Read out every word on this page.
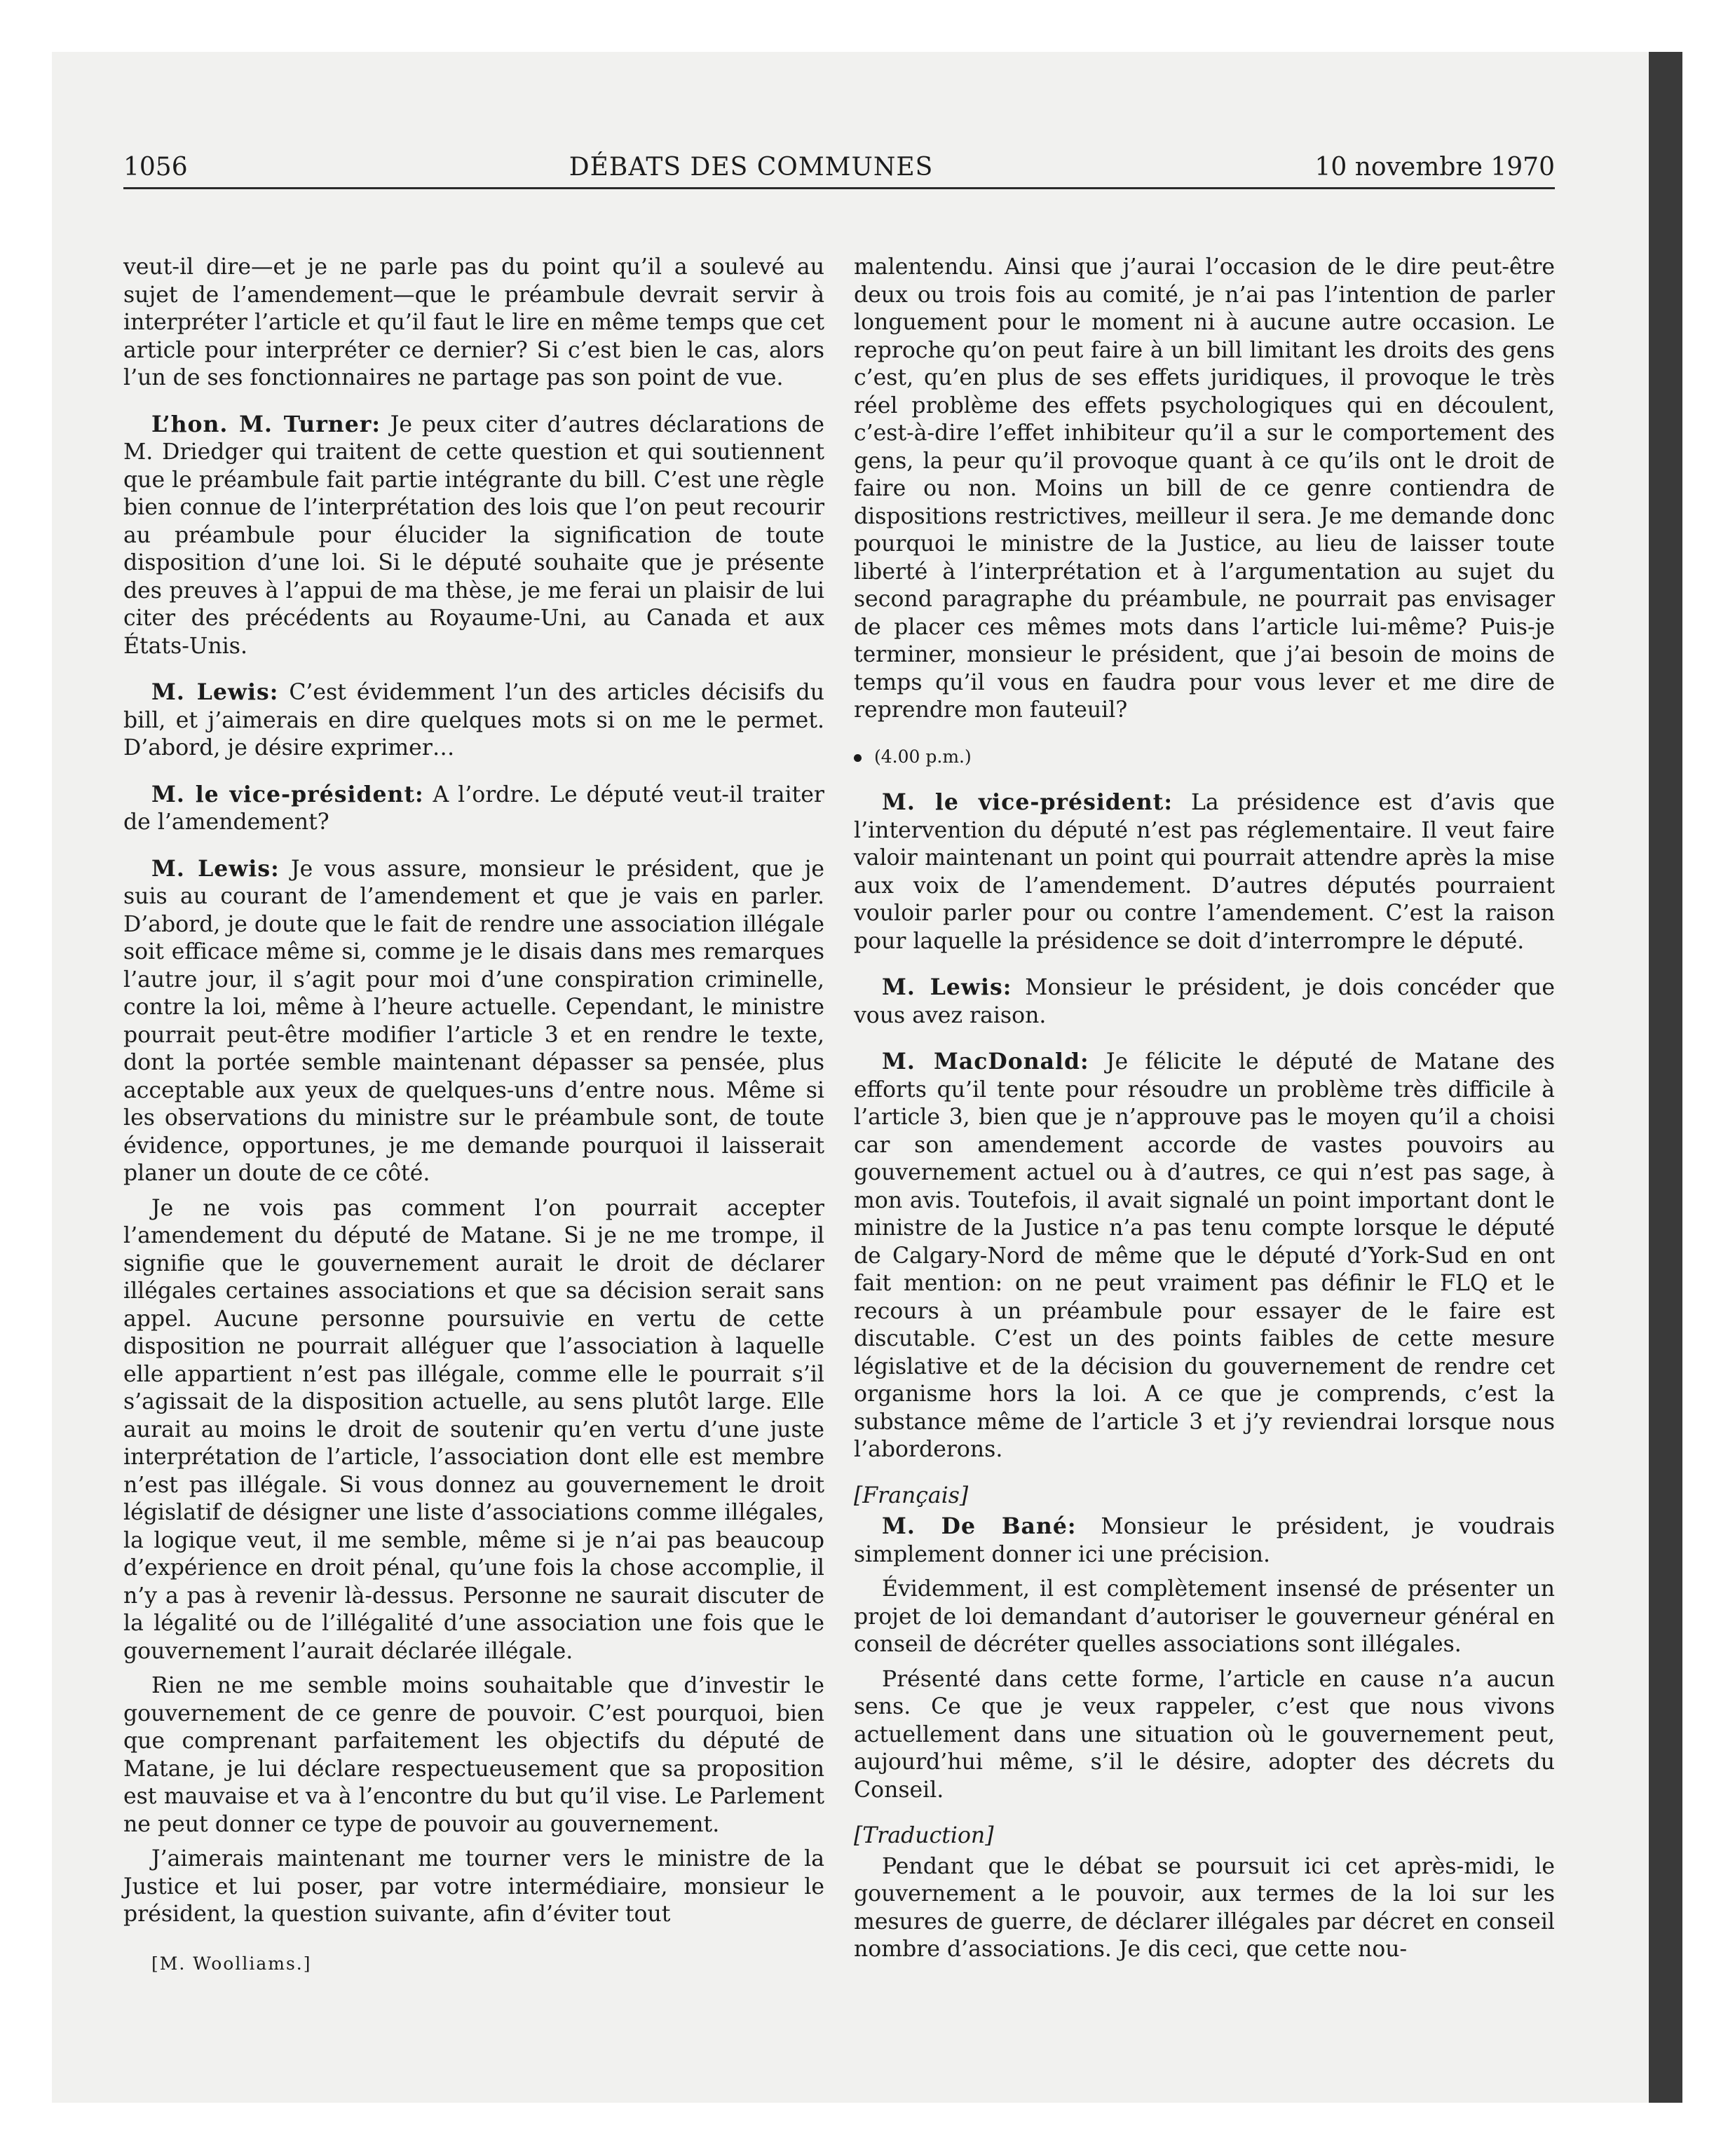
1056	DÉBATS DES COMMUNES	10 novembre 1970

veut-il dire—et je ne parle pas du point qu’il a soulevé au sujet de l’amendement—que le préambule devrait servir à interpréter l’article et qu’il faut le lire en même temps que cet article pour interpréter ce dernier? Si c’est bien le cas, alors l’un de ses fonctionnaires ne partage pas son point de vue.

L’hon. M. Turner: Je peux citer d’autres déclarations de M. Driedger qui traitent de cette question et qui soutiennent que le préambule fait partie intégrante du bill. C’est une règle bien connue de l’interprétation des lois que l’on peut recourir au préambule pour élucider la signification de toute disposition d’une loi. Si le député souhaite que je présente des preuves à l’appui de ma thèse, je me ferai un plaisir de lui citer des précédents au Royaume-Uni, au Canada et aux États-Unis.

M. Lewis: C’est évidemment l’un des articles décisifs du bill, et j’aimerais en dire quelques mots si on me le permet. D’abord, je désire exprimer…

M. le vice-président: A l’ordre. Le député veut-il traiter de l’amendement?

M. Lewis: Je vous assure, monsieur le président, que je suis au courant de l’amendement et que je vais en parler. D’abord, je doute que le fait de rendre une association illégale soit efficace même si, comme je le disais dans mes remarques l’autre jour, il s’agit pour moi d’une conspiration criminelle, contre la loi, même à l’heure actuelle. Cependant, le ministre pourrait peut-être modifier l’article 3 et en rendre le texte, dont la portée semble maintenant dépasser sa pensée, plus acceptable aux yeux de quelques-uns d’entre nous. Même si les observations du ministre sur le préambule sont, de toute évidence, opportunes, je me demande pourquoi il laisserait planer un doute de ce côté.

Je ne vois pas comment l’on pourrait accepter l’amendement du député de Matane. Si je ne me trompe, il signifie que le gouvernement aurait le droit de déclarer illégales certaines associations et que sa décision serait sans appel. Aucune personne poursuivie en vertu de cette disposition ne pourrait alléguer que l’association à laquelle elle appartient n’est pas illégale, comme elle le pourrait s’il s’agissait de la disposition actuelle, au sens plutôt large. Elle aurait au moins le droit de soutenir qu’en vertu d’une juste interprétation de l’article, l’association dont elle est membre n’est pas illégale. Si vous donnez au gouvernement le droit législatif de désigner une liste d’associations comme illégales, la logique veut, il me semble, même si je n’ai pas beaucoup d’expérience en droit pénal, qu’une fois la chose accomplie, il n’y a pas à revenir là-dessus. Personne ne saurait discuter de la légalité ou de l’illégalité d’une association une fois que le gouvernement l’aurait déclarée illégale.

Rien ne me semble moins souhaitable que d’investir le gouvernement de ce genre de pouvoir. C’est pourquoi, bien que comprenant parfaitement les objectifs du député de Matane, je lui déclare respectueusement que sa proposition est mauvaise et va à l’encontre du but qu’il vise. Le Parlement ne peut donner ce type de pouvoir au gouvernement.

J’aimerais maintenant me tourner vers le ministre de la Justice et lui poser, par votre intermédiaire, monsieur le président, la question suivante, afin d’éviter tout

[M. Woolliams.]

malentendu. Ainsi que j’aurai l’occasion de le dire peut-être deux ou trois fois au comité, je n’ai pas l’intention de parler longuement pour le moment ni à aucune autre occasion. Le reproche qu’on peut faire à un bill limitant les droits des gens c’est, qu’en plus de ses effets juridiques, il provoque le très réel problème des effets psychologiques qui en découlent, c’est-à-dire l’effet inhibiteur qu’il a sur le comportement des gens, la peur qu’il provoque quant à ce qu’ils ont le droit de faire ou non. Moins un bill de ce genre contiendra de dispositions restrictives, meilleur il sera. Je me demande donc pourquoi le ministre de la Justice, au lieu de laisser toute liberté à l’interprétation et à l’argumentation au sujet du second paragraphe du préambule, ne pourrait pas envisager de placer ces mêmes mots dans l’article lui-même? Puis-je terminer, monsieur le président, que j’ai besoin de moins de temps qu’il vous en faudra pour vous lever et me dire de reprendre mon fauteuil?

(4.00 p.m.)

M. le vice-président: La présidence est d’avis que l’intervention du député n’est pas réglementaire. Il veut faire valoir maintenant un point qui pourrait attendre après la mise aux voix de l’amendement. D’autres députés pourraient vouloir parler pour ou contre l’amendement. C’est la raison pour laquelle la présidence se doit d’interrompre le député.

M. Lewis: Monsieur le président, je dois concéder que vous avez raison.

M. MacDonald: Je félicite le député de Matane des efforts qu’il tente pour résoudre un problème très difficile à l’article 3, bien que je n’approuve pas le moyen qu’il a choisi car son amendement accorde de vastes pouvoirs au gouvernement actuel ou à d’autres, ce qui n’est pas sage, à mon avis. Toutefois, il avait signalé un point important dont le ministre de la Justice n’a pas tenu compte lorsque le député de Calgary-Nord de même que le député d’York-Sud en ont fait mention: on ne peut vraiment pas définir le FLQ et le recours à un préambule pour essayer de le faire est discutable. C’est un des points faibles de cette mesure législative et de la décision du gouvernement de rendre cet organisme hors la loi. A ce que je comprends, c’est la substance même de l’article 3 et j’y reviendrai lorsque nous l’aborderons.

[Français]

M. De Bané: Monsieur le président, je voudrais simplement donner ici une précision.

Évidemment, il est complètement insensé de présenter un projet de loi demandant d’autoriser le gouverneur général en conseil de décréter quelles associations sont illégales.

Présenté dans cette forme, l’article en cause n’a aucun sens. Ce que je veux rappeler, c’est que nous vivons actuellement dans une situation où le gouvernement peut, aujourd’hui même, s’il le désire, adopter des décrets du Conseil.

[Traduction]

Pendant que le débat se poursuit ici cet après-midi, le gouvernement a le pouvoir, aux termes de la loi sur les mesures de guerre, de déclarer illégales par décret en conseil nombre d’associations. Je dis ceci, que cette nou-
